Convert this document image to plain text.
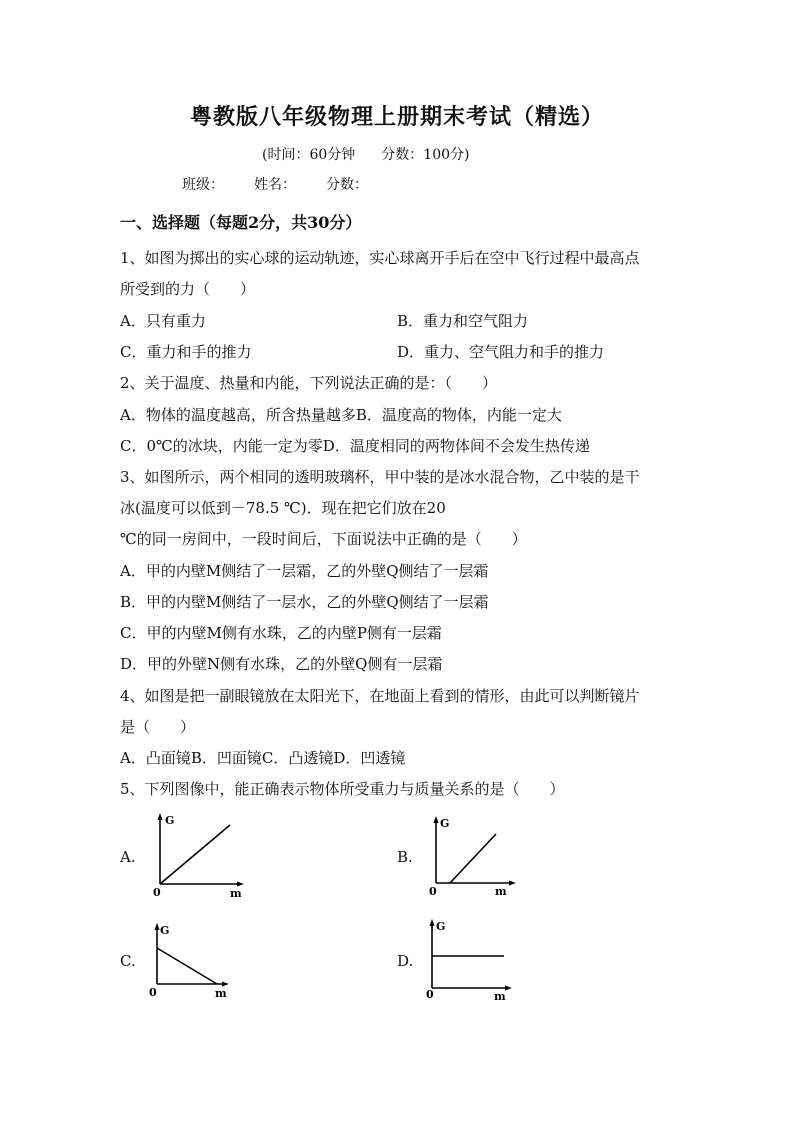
粤教版八年级物理上册期末考试（精选）
(时间：60分钟 分数：100分)
班级： 姓名： 分数：
一、选择题（每题2分，共30分）
1、如图为掷出的实心球的运动轨迹，实心球离开手后在空中飞行过程中最高点
所受到的力（　　）
A．只有重力	B．重力和空气阻力
C．重力和手的推力	D．重力、空气阻力和手的推力
2、关于温度、热量和内能，下列说法正确的是：（　　）
A．物体的温度越高，所含热量越多B．温度高的物体，内能一定大
C．0℃的冰块，内能一定为零D．温度相同的两物体间不会发生热传递
3、如图所示，两个相同的透明玻璃杯，甲中装的是冰水混合物，乙中装的是干
冰(温度可以低到－78.5 ℃)．现在把它们放在20
℃的同一房间中，一段时间后，下面说法中正确的是（　　）
A．甲的内壁M侧结了一层霜，乙的外壁Q侧结了一层霜
B．甲的内壁M侧结了一层水，乙的外壁Q侧结了一层霜
C．甲的内壁M侧有水珠，乙的内壁P侧有一层霜
D．甲的外壁N侧有水珠，乙的外壁Q侧有一层霜
4、如图是把一副眼镜放在太阳光下，在地面上看到的情形，由此可以判断镜片
是（　　）
A．凸面镜B．凹面镜C．凸透镜D．凹透镜
5、下列图像中，能正确表示物体所受重力与质量关系的是（　　）
A.	B.
C.	D.
G
m
0
G
m
0
G
m
0
G
m
0
